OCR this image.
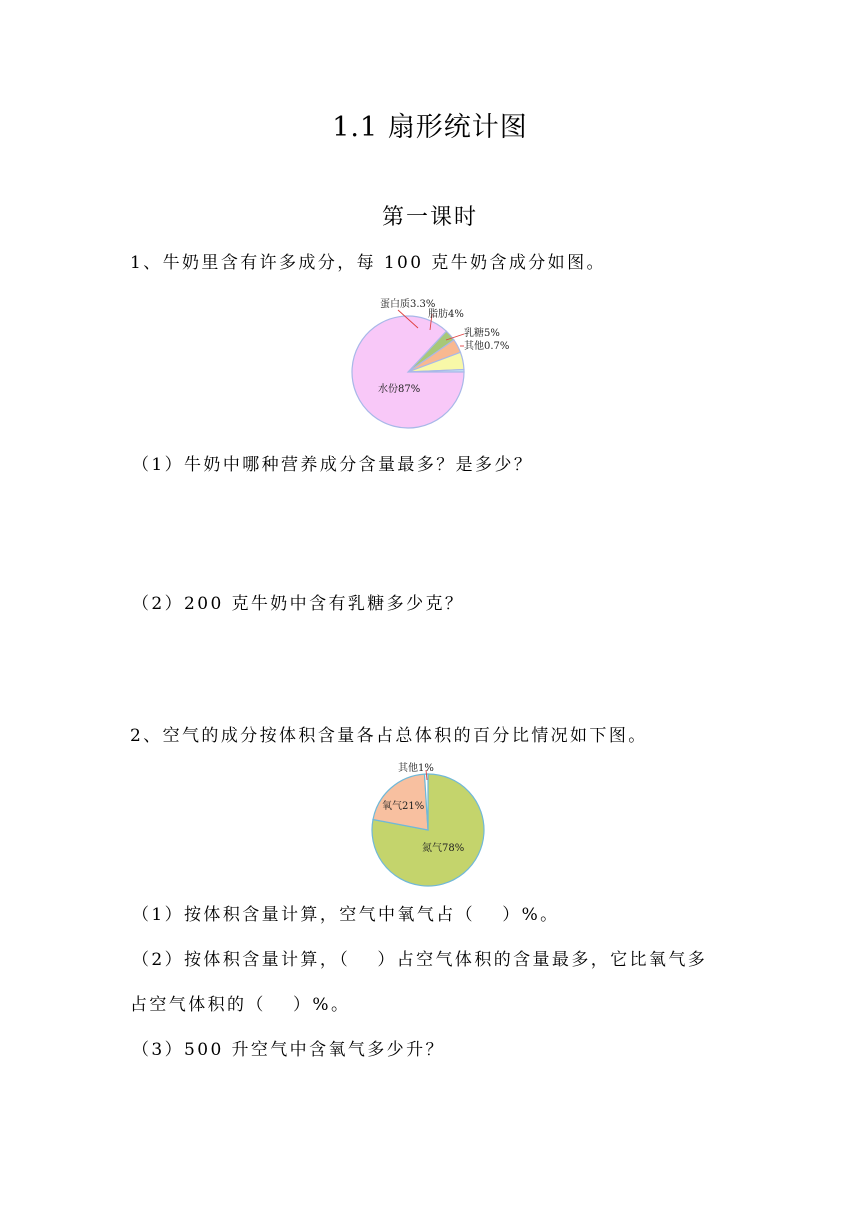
1.1 扇形统计图
第一课时
1、牛奶里含有许多成分，每 100 克牛奶含成分如图。
水份87%
蛋白质3.3%
脂肪4%
乳糖5%
其他0.7%
（1）牛奶中哪种营养成分含量最多？是多少？
（2）200 克牛奶中含有乳糖多少克？
2、空气的成分按体积含量各占总体积的百分比情况如下图。
氮气78%
氧气21%
其他1%
（1）按体积含量计算，空气中氧气占（　 ）%。
（2）按体积含量计算，（　 ）占空气体积的含量最多，它比氧气多
占空气体积的（　 ）%。
（3）500 升空气中含氧气多少升？
